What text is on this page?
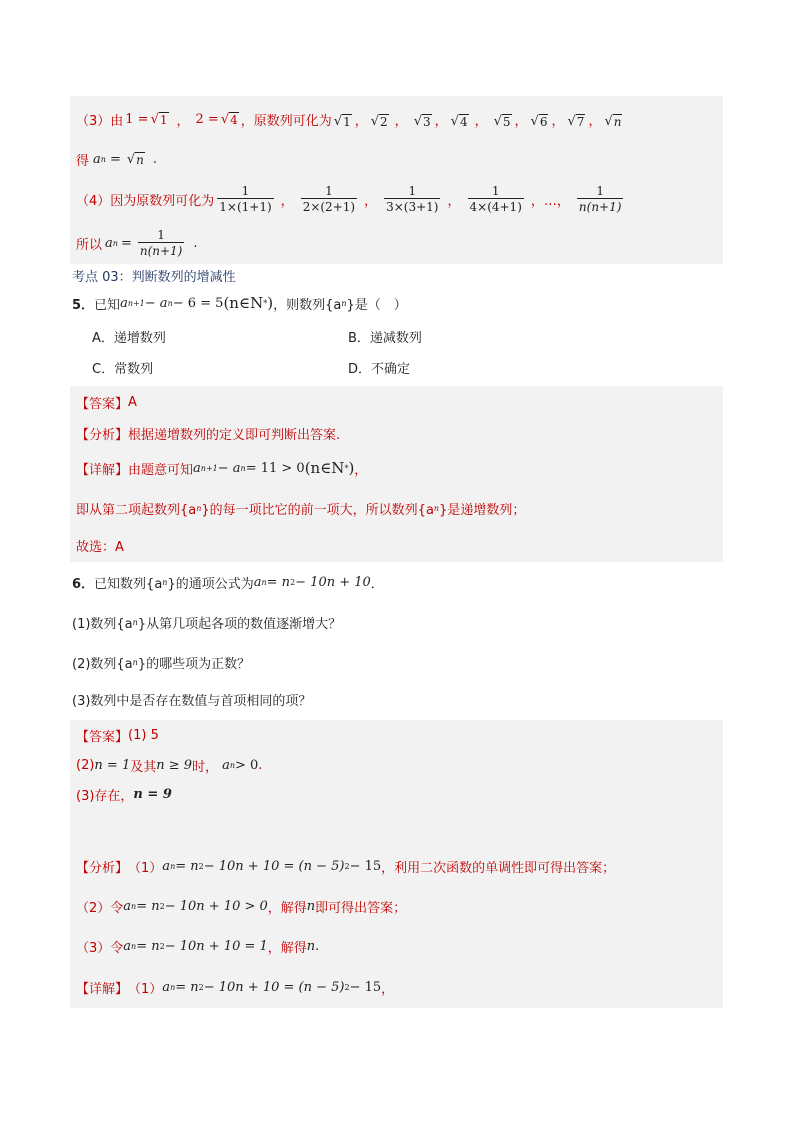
（3）由 1 = √ 1 ， 2 = √ 4 ，原数列可化为 √ 1 ， √ 2 ， √ 3 ， √ 4 ， √ 5 ， √ 6 ， √ 7 ， √ n
得 a n = √ n .
（4）因为原数列可化为 $\frac{1}{1\times(1+1)}$ ， $\frac{1}{2\times(2+1)}$ ， $\frac{1}{3\times(3+1)}$ ， $\frac{1}{4\times(4+1)}$ ，…， $\frac{1}{n(n+1)}$
所以 a $n = \frac{1}{n(n+1)}$ .
考点 03：判断数列的增减性
5． 已知 a n+1 − a n − 6 = 5 (n∈N * ) ，则数列{a n }是（　）
A．递增数列	B．递减数列
C．常数列	D．不确定
【答案】 A
【分析】 根据递增数列的定义即可判断出答案.
【详解】 由题意可知 a n+1 − a n = 11 > 0 (n∈N * ) ，
即从第二项起数列{a n }的每一项比它的前一项大，所以数列{a n }是递增数列；
故选：A
6． 已知数列{a n }的通项公式为 a n = n 2 − 10n + 10 ．
(1)数列{a n }从第几项起各项的数值逐渐增大？
(2)数列{a n }的哪些项为正数？
(3)数列中是否存在数值与首项相同的项？
【答案】 (1) 5
(2) n = 1 及其 n ≥ 9 时， a n > 0 .
(3)存在， n = 9
【分析】 （1） a n = n 2 − 10n + 10 = (n − 5) 2 − 15 ，利用二次函数的单调性即可得出答案；
（2）令 a n = n 2 − 10n + 10 > 0 ，解得 n 即可得出答案；
（3）令 a n = n 2 − 10n + 10 = 1 ，解得 n .
【详解】 （1） a n = n 2 − 10n + 10 = (n − 5) 2 − 15 ，
